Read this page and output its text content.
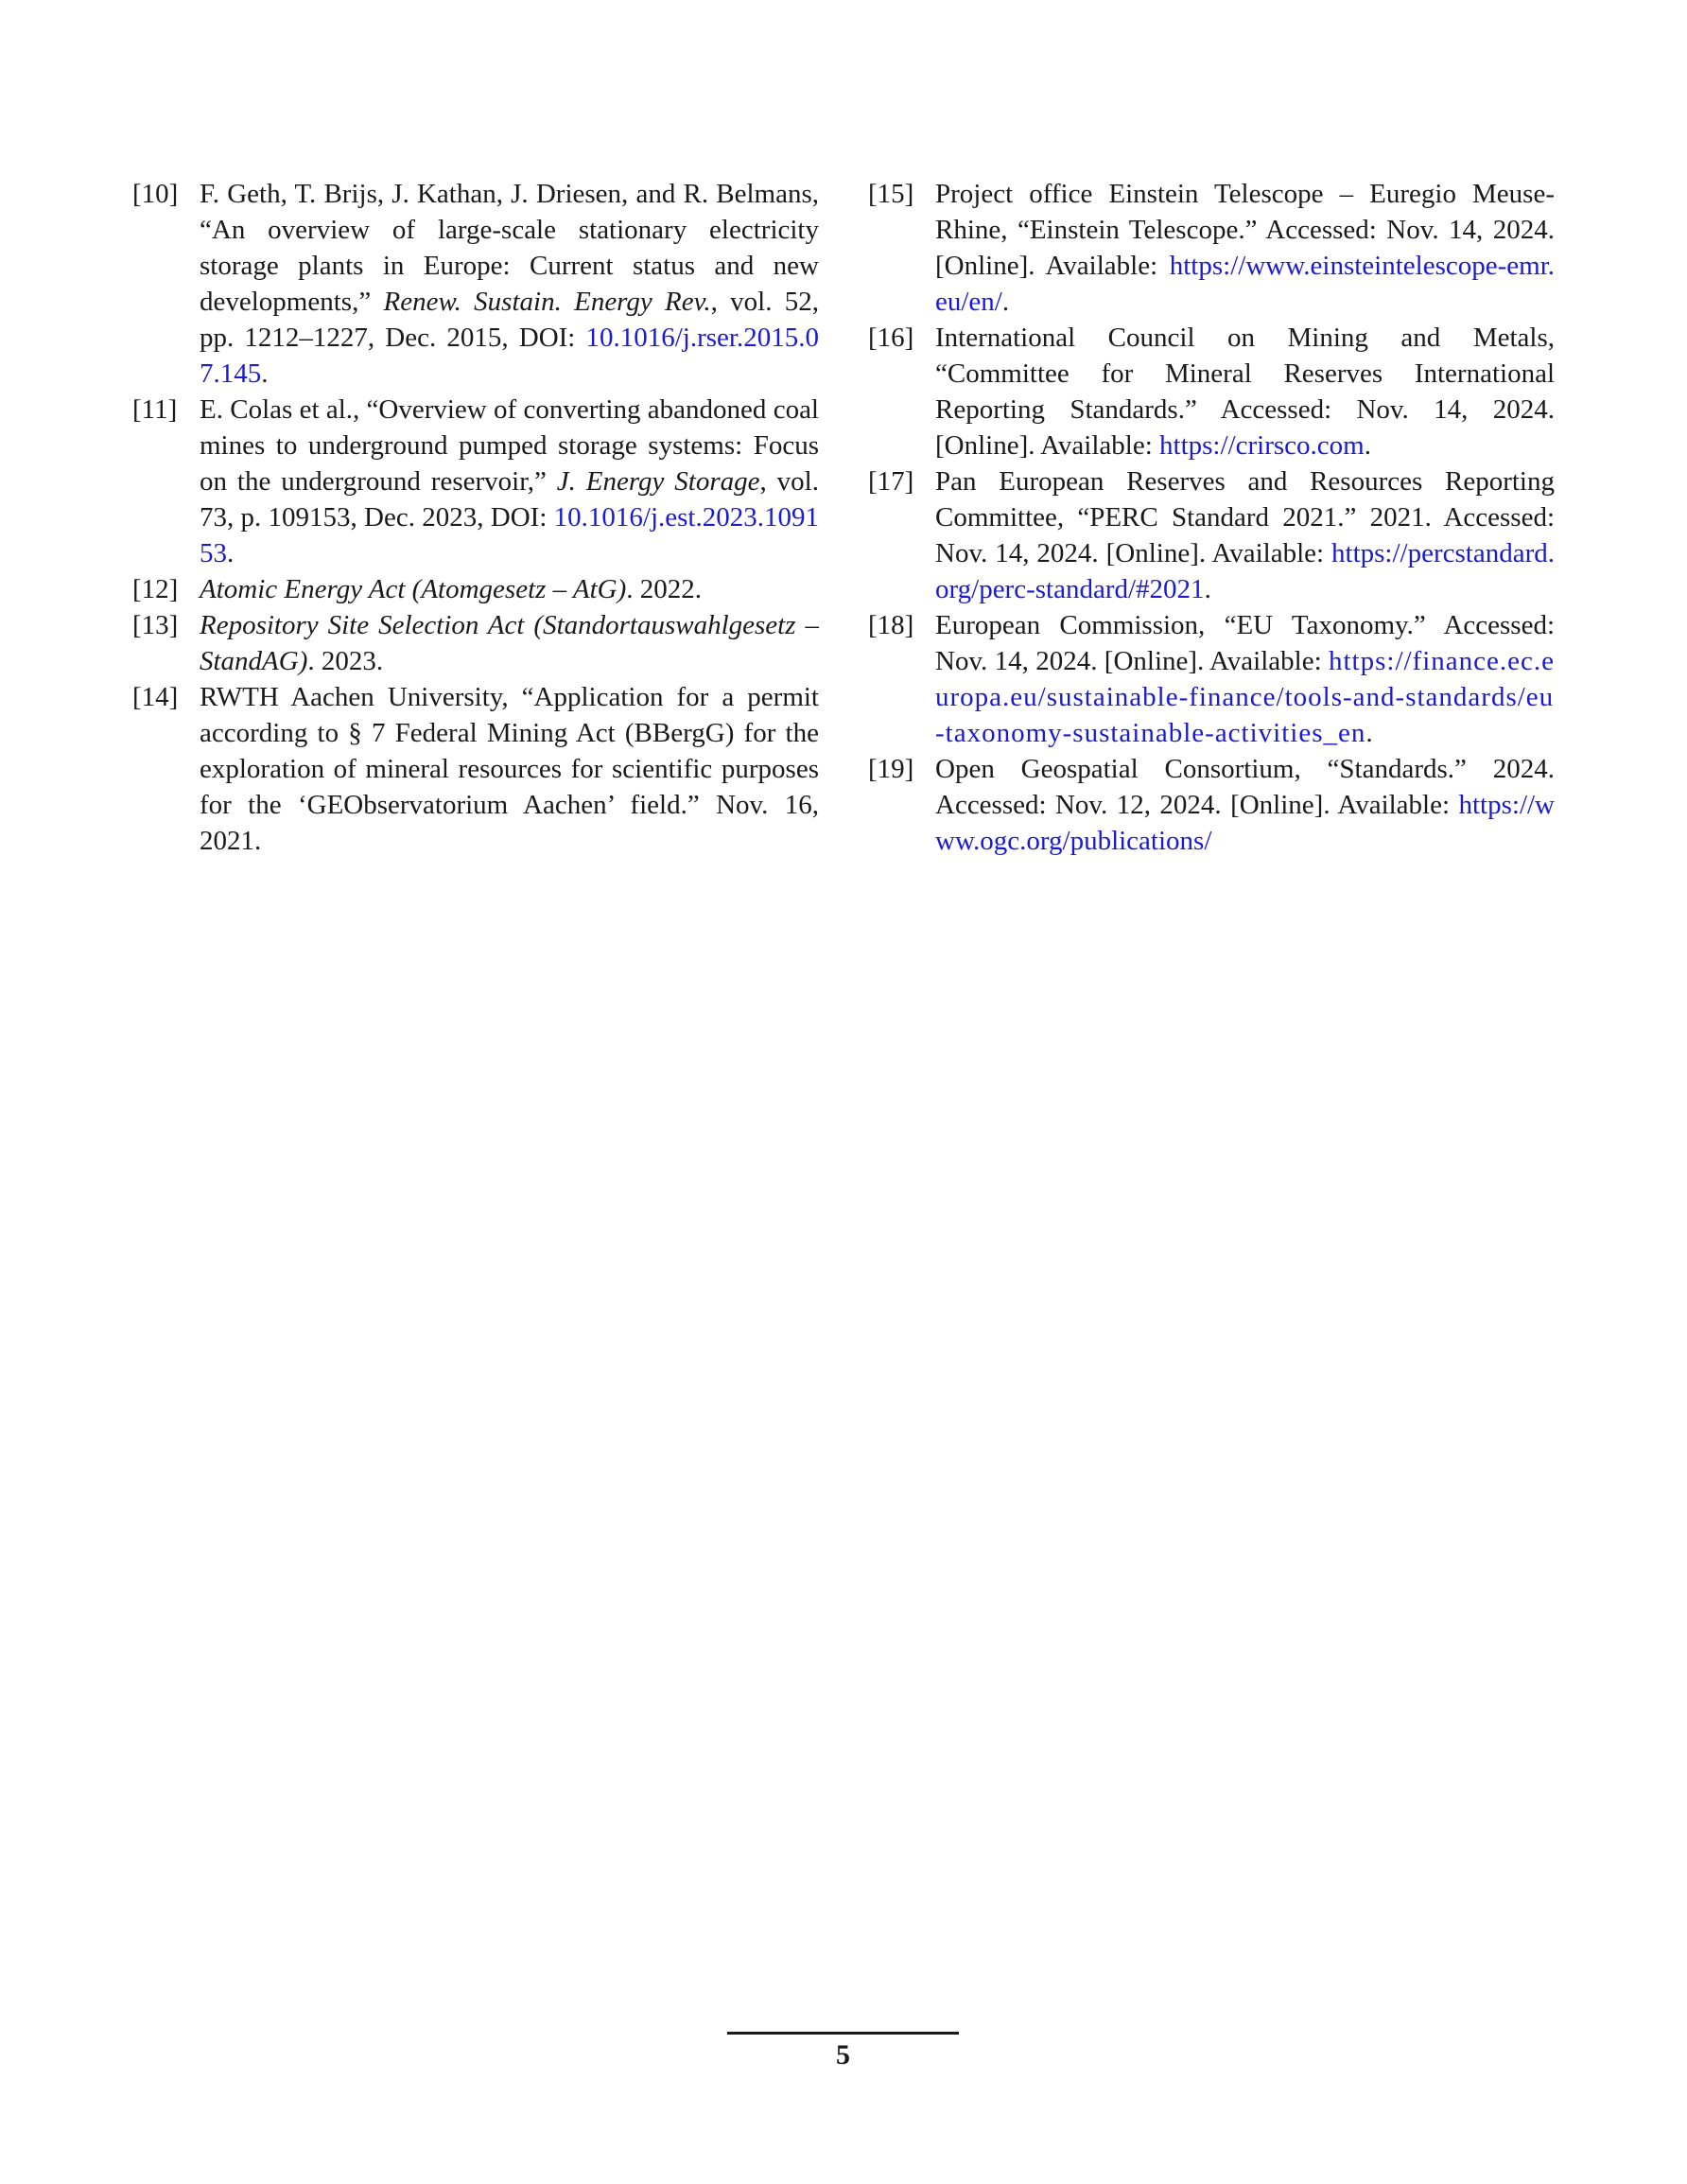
[10] F. Geth, T. Brijs, J. Kathan, J. Driesen, and R. Belmans, “An overview of large-scale stationary electricity storage plants in Europe: Current status and new developments,” Renew. Sustain. Energy Rev., vol. 52, pp. 1212–1227, Dec. 2015, DOI: 10.1016/j.rser.2015.07.145.
[11] E. Colas et al., “Overview of converting abandoned coal mines to underground pumped storage systems: Focus on the underground reservoir,” J. Energy Storage, vol. 73, p. 109153, Dec. 2023, DOI: 10.1016/j.est.2023.109153.
[12] Atomic Energy Act (Atomgesetz – AtG). 2022.
[13] Repository Site Selection Act (Standortauswahlgesetz – StandAG). 2023.
[14] RWTH Aachen University, “Application for a permit according to § 7 Federal Mining Act (BBergG) for the exploration of mineral resources for scientific purposes for the ‘GEObservatorium Aachen’ field.” Nov. 16, 2021.
[15] Project office Einstein Telescope – Euregio Meuse-Rhine, “Einstein Telescope.” Accessed: Nov. 14, 2024. [Online]. Available: https://www.einsteintelescope-emr.eu/en/.
[16] International Council on Mining and Metals, “Committee for Mineral Reserves International Reporting Standards.” Accessed: Nov. 14, 2024. [Online]. Available: https://crirsco.com.
[17] Pan European Reserves and Resources Reporting Committee, “PERC Standard 2021.” 2021. Accessed: Nov. 14, 2024. [Online]. Available: https://percstandard.org/perc-standard/#2021.
[18] European Commission, “EU Taxonomy.” Accessed: Nov. 14, 2024. [Online]. Available: https://finance.ec.europa.eu/sustainable-finance/tools-and-standards/eu-taxonomy-sustainable-activities_en.
[19] Open Geospatial Consortium, “Standards.” 2024. Accessed: Nov. 12, 2024. [Online]. Available: https://www.ogc.org/publications/
5
